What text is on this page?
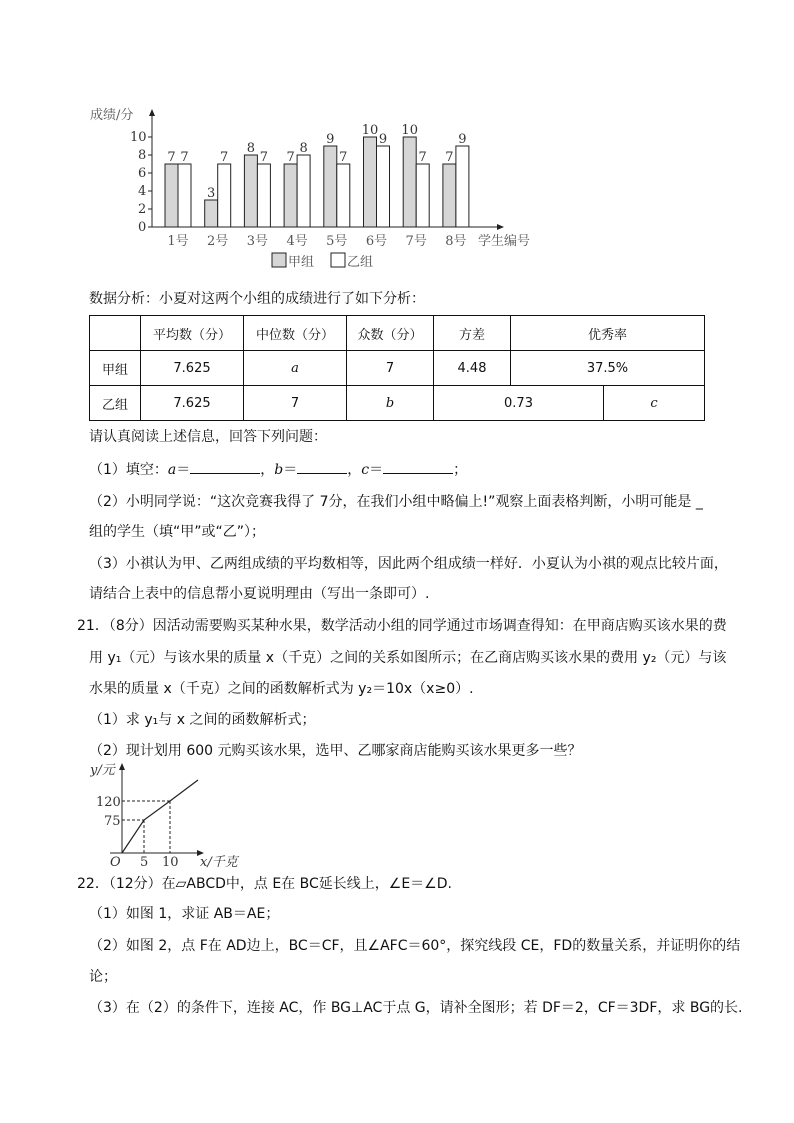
成绩/分
0
2
4
6
8
10
7 7
1号
3
7
2号
8
7
3号
7
8
4号
9
7
5号
10
9
6号
10
7
7号
7
9
8号 学生编号
甲组	乙组
数据分析：小夏对这两个小组的成绩进行了如下分析：
	平均数（分）	中位数（分）	众数（分）	方差	优秀率	
甲组	7.625	a	7	4.48	37.5%	
乙组	7.625	7	b	0.73		c
请认真阅读上述信息，回答下列问题：
（1）填空：a＝	，b＝	，c＝	；
（2）小明同学说：“这次竞赛我得了 7分，在我们小组中略偏上!”观察上面表格判断，小明可能是 _
组的学生（填“甲”或“乙”）；
（3）小祺认为甲、乙两组成绩的平均数相等，因此两个组成绩一样好．小夏认为小祺的观点比较片面，
请结合上表中的信息帮小夏说明理由（写出一条即可）.
21．（8分）因活动需要购买某种水果，数学活动小组的同学通过市场调查得知：在甲商店购买该水果的费
用 y₁（元）与该水果的质量 x（千克）之间的关系如图所示；在乙商店购买该水果的费用 y₂（元）与该
水果的质量 x（千克）之间的函数解析式为 y₂＝10x（x≥0）.
（1）求 y₁与 x 之间的函数解析式；
（2）现计划用 600 元购买该水果，选甲、乙哪家商店能购买该水果更多一些？
y/元
120
75
O 5 10 x/千克
22．（12分）在▱ABCD中，点 E在 BC延长线上，∠E＝∠D.
（1）如图 1，求证 AB＝AE；
（2）如图 2，点 F在 AD边上，BC＝CF，且∠AFC＝60°，探究线段 CE，FD的数量关系，并证明你的结
论；
（3）在（2）的条件下，连接 AC，作 BG⊥AC于点 G，请补全图形；若 DF＝2，CF＝3DF，求 BG的长.
